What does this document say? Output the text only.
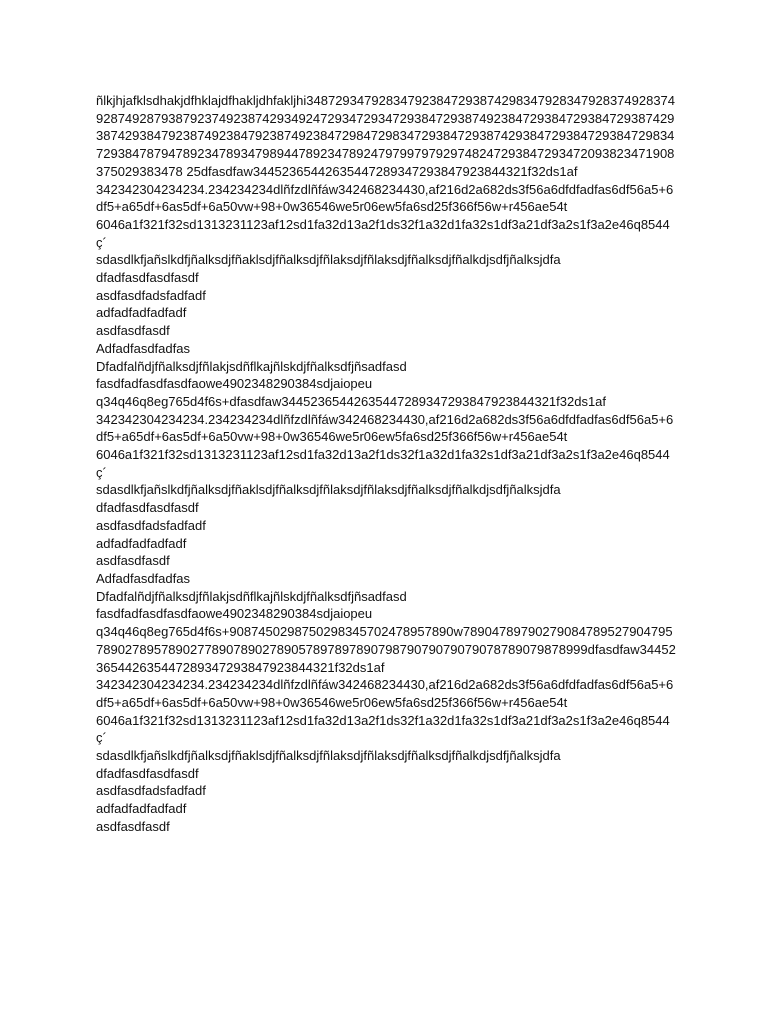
ñlkjhjafklsdhakjdfhklajdfhakljdhfakljhi348729347928347923847293874298347928347928374928374928749287938792374923874293492472934729347293847293874923847293847293847293874293874293847923874923847923874923847298472983472938472938742938472938472938472983472938478794789234789347989447892347892479799797929748247293847293472093823471908375029383478 25dfasdfaw34452365442635447289347293847923844321f32ds1af
342342304234234.234234234dlñfzdlñfáw342468234430,af216d2a682ds3f56a6dfdfadfas6df56a5+6df5+a65df+6as5df+6a50vw+98+0w36546we5r06ew5fa6sd25f366f56w+r456ae54t
6046a1f321f32sd1313231123af12sd1fa32d13a2f1ds32f1a32d1fa32s1df3a21df3a2s1f3a2e46q8544ç´
sdasdlkfjañslkdfjñalksdjfñaklsdjfñalksdjfñlaksdjfñlaksdjfñalksdjfñalkdjsdfjñalksjdfa
dfadfasdfasdfasdf
asdfasdfadsfadfadf
adfadfadfadfadf
asdfasdfasdf
Adfadfasdfadfas
Dfadfalñdjfñalksdjfñlakjsdñflkajñlskdjfñalksdfjñsadfasd
fasdfadfasdfasdfaowe4902348290384sdjaiopeu
q34q46q8eg765d4f6s+dfasdfaw34452365442635447289347293847923844321f32ds1af
342342304234234.234234234dlñfzdlñfáw342468234430,af216d2a682ds3f56a6dfdfadfas6df56a5+6df5+a65df+6as5df+6a50vw+98+0w36546we5r06ew5fa6sd25f366f56w+r456ae54t
6046a1f321f32sd1313231123af12sd1fa32d13a2f1ds32f1a32d1fa32s1df3a21df3a2s1f3a2e46q8544ç´
sdasdlkfjañslkdfjñalksdjfñaklsdjfñalksdjfñlaksdjfñlaksdjfñalksdjfñalkdjsdfjñalksjdfa
dfadfasdfasdfasdf
asdfasdfadsfadfadf
adfadfadfadfadf
asdfasdfasdf
Adfadfasdfadfas
Dfadfalñdjfñalksdjfñlakjsdñflkajñlskdjfñalksdfjñsadfasd
fasdfadfasdfasdfaowe4902348290384sdjaiopeu
q34q46q8eg765d4f6s+9087450298750298345702478957890w7890478979027908478952790479578902789578902778907890278905789789789079879079079079078789079878999dfasdfaw34452365442635447289347293847923844321f32ds1af
342342304234234.234234234dlñfzdlñfáw342468234430,af216d2a682ds3f56a6dfdfadfas6df56a5+6df5+a65df+6as5df+6a50vw+98+0w36546we5r06ew5fa6sd25f366f56w+r456ae54t
6046a1f321f32sd1313231123af12sd1fa32d13a2f1ds32f1a32d1fa32s1df3a21df3a2s1f3a2e46q8544ç´
sdasdlkfjañslkdfjñalksdjfñaklsdjfñalksdjfñlaksdjfñlaksdjfñalksdjfñalkdjsdfjñalksjdfa
dfadfasdfasdfasdf
asdfasdfadsfadfadf
adfadfadfadfadf
asdfasdfasdf
